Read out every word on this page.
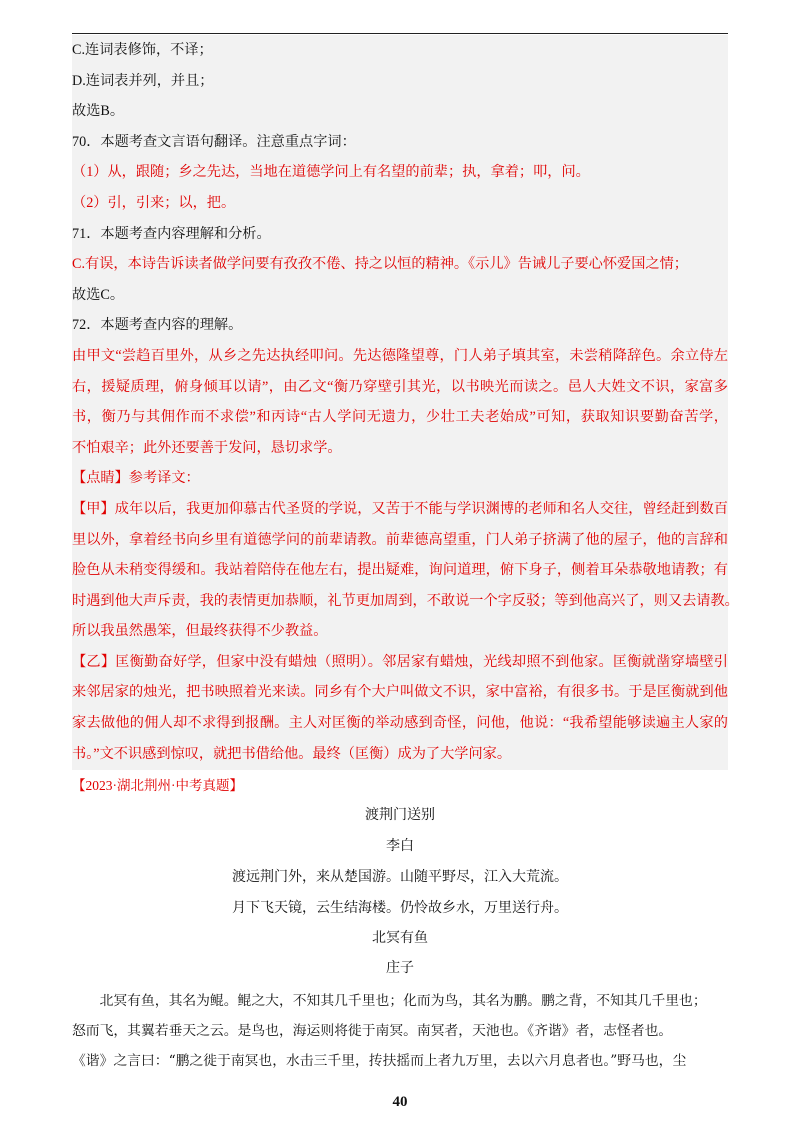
C.连词表修饰，不译；
D.连词表并列，并且；
故选B。
70．本题考查文言语句翻译。注意重点字词：
（1）从，跟随；乡之先达，当地在道德学问上有名望的前辈；执，拿着；叩，问。
（2）引，引来；以，把。
71．本题考查内容理解和分析。
C.有误，本诗告诉读者做学问要有孜孜不倦、持之以恒的精神。《示儿》告诫儿子要心怀爱国之情；
故选C。
72．本题考查内容的理解。
由甲文“尝趋百里外，从乡之先达执经叩问。先达德隆望尊，门人弟子填其室，未尝稍降辞色。余立侍左
右，援疑质理，俯身倾耳以请”，由乙文“衡乃穿壁引其光，以书映光而读之。邑人大姓文不识，家富多
书，衡乃与其佣作而不求偿”和丙诗“古人学问无遗力，少壮工夫老始成”可知，获取知识要勤奋苦学，
不怕艰辛；此外还要善于发问，恳切求学。
【点睛】参考译文：
【甲】成年以后，我更加仰慕古代圣贤的学说，又苦于不能与学识渊博的老师和名人交往，曾经赶到数百
里以外，拿着经书向乡里有道德学问的前辈请教。前辈德高望重，门人弟子挤满了他的屋子，他的言辞和
脸色从未稍变得缓和。我站着陪侍在他左右，提出疑难，询问道理，俯下身子，侧着耳朵恭敬地请教；有
时遇到他大声斥责，我的表情更加恭顺，礼节更加周到，不敢说一个字反驳；等到他高兴了，则又去请教。
所以我虽然愚笨，但最终获得不少教益。
【乙】匡衡勤奋好学，但家中没有蜡烛（照明）。邻居家有蜡烛，光线却照不到他家。匡衡就凿穿墙壁引
来邻居家的烛光，把书映照着光来读。同乡有个大户叫做文不识，家中富裕，有很多书。于是匡衡就到他
家去做他的佣人却不求得到报酬。主人对匡衡的举动感到奇怪，问他，他说：“我希望能够读遍主人家的
书。”文不识感到惊叹，就把书借给他。最终（匡衡）成为了大学问家。
【2023·湖北荆州·中考真题】
渡荆门送别
李白
渡远荆门外，来从楚国游。山随平野尽，江入大荒流。
月下飞天镜，云生结海楼。仍怜故乡水，万里送行舟。
北冥有鱼
庄子
　　北冥有鱼，其名为鲲。鲲之大，不知其几千里也；化而为鸟，其名为鹏。鹏之背，不知其几千里也；
怒而飞，其翼若垂天之云。是鸟也，海运则将徙于南冥。南冥者，天池也。《齐谐》者，志怪者也。
《谐》之言曰：“鹏之徙于南冥也，水击三千里，抟扶摇而上者九万里，去以六月息者也。”野马也，尘
40
